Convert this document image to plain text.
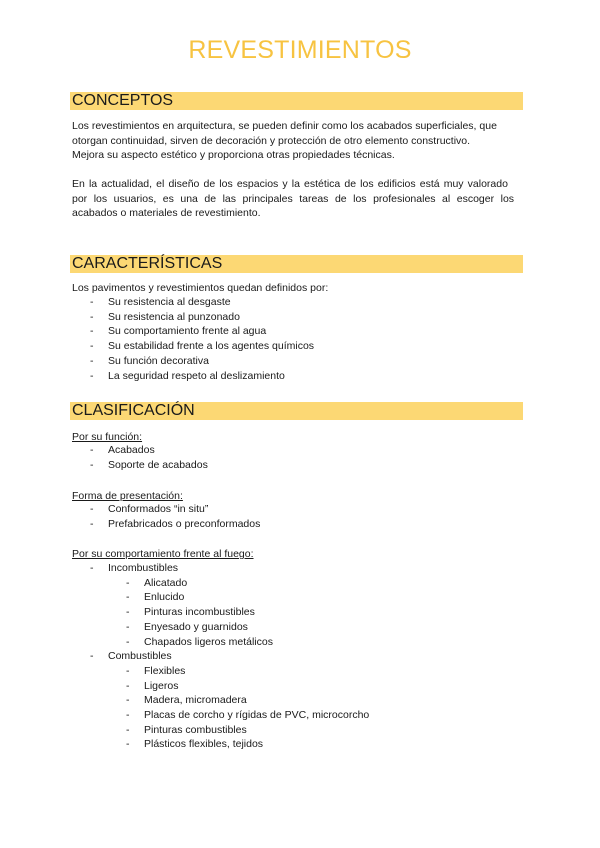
REVESTIMIENTOS
CONCEPTOS

Los revestimientos en arquitectura, se pueden definir como los acabados superficiales, que
otorgan continuidad, sirven de decoración y protección de otro elemento constructivo.
Mejora su aspecto estético y proporciona otras propiedades técnicas.

En la actualidad, el diseño de los espacios y la estética de los edificios está muy valorado
por los usuarios, es una de las principales tareas de los profesionales al escoger los
acabados o materiales de revestimiento.

CARACTERÍSTICAS

Los pavimentos y revestimientos quedan definidos por:

- Su resistencia al desgaste
- Su resistencia al punzonado
- Su comportamiento frente al agua
- Su estabilidad frente a los agentes químicos
- Su función decorativa
- La seguridad respeto al deslizamiento
CLASIFICACIÓN
Por su función:
- Acabados
- Soporte de acabados
Forma de presentación:
- Conformados “in situ”
- Prefabricados o preconformados
Por su comportamiento frente al fuego:
- Incombustibles
- Alicatado
- Enlucido
- Pinturas incombustibles
- Enyesado y guarnidos
- Chapados ligeros metálicos
- Combustibles
- Flexibles
- Ligeros
- Madera, micromadera
- Placas de corcho y rígidas de PVC, microcorcho
- Pinturas combustibles
- Plásticos flexibles, tejidos
